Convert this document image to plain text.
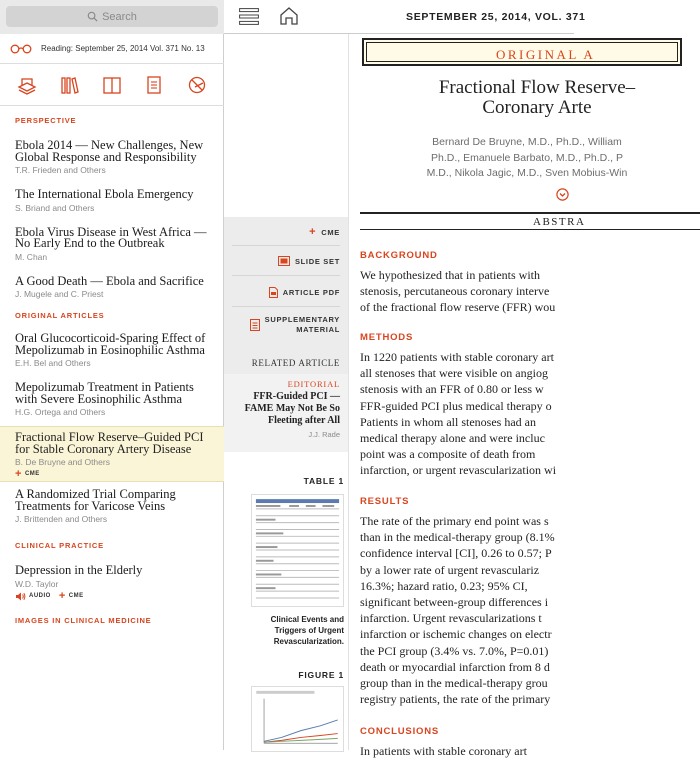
Search
Reading: September 25, 2014 Vol. 371 No. 13
PERSPECTIVE
Ebola 2014 — New Challenges, New Global Response and Responsibility
T.R. Frieden and Others
The International Ebola Emergency
S. Briand and Others
Ebola Virus Disease in West Africa — No Early End to the Outbreak
M. Chan
A Good Death — Ebola and Sacrifice
J. Mugele and C. Priest
ORIGINAL ARTICLES
Oral Glucocorticoid-Sparing Effect of Mepolizumab in Eosinophilic Asthma
E.H. Bel and Others
Mepolizumab Treatment in Patients with Severe Eosinophilic Asthma
H.G. Ortega and Others
Fractional Flow Reserve–Guided PCI for Stable Coronary Artery Disease
B. De Bruyne and Others
+ CME
A Randomized Trial Comparing Treatments for Varicose Veins
J. Brittenden and Others
CLINICAL PRACTICE
Depression in the Elderly
W.D. Taylor
AUDIO + CME
IMAGES IN CLINICAL MEDICINE
SEPTEMBER 25, 2014, VOL. 371
+ CME
SLIDE SET
ARTICLE PDF
SUPPLEMENTARY
MATERIAL
RELATED ARTICLE
EDITORIAL
FFR-Guided PCI —
FAME May Not Be So
Fleeting after All
J.J. Rade
TABLE 1
Clinical Events and
Triggers of Urgent
Revascularization.
FIGURE 1
ORIGINAL A
Fractional Flow Reserve–
Coronary Arte
Bernard De Bruyne, M.D., Ph.D., William
Ph.D., Emanuele Barbato, M.D., Ph.D., P
M.D., Nikola Jagic, M.D., Sven Mobius-Win
ABSTRA
BACKGROUND
We hypothesized that in patients with
stenosis, percutaneous coronary interve
of the fractional flow reserve (FFR) wou
METHODS
In 1220 patients with stable coronary art
all stenoses that were visible on angiog
stenosis with an FFR of 0.80 or less w
FFR-guided PCI plus medical therapy o
Patients in whom all stenoses had an
medical therapy alone and were incluc
point was a composite of death from
infarction, or urgent revascularization wi
RESULTS
The rate of the primary end point was s
than in the medical-therapy group (8.1%
confidence interval [CI], 0.26 to 0.57; P
by a lower rate of urgent revasculariz
16.3%; hazard ratio, 0.23; 95% CI,
significant between-group differences i
infarction. Urgent revascularizations t
infarction or ischemic changes on electr
the PCI group (3.4% vs. 7.0%, P=0.01)
death or myocardial infarction from 8 d
group than in the medical-therapy grou
registry patients, the rate of the primary
CONCLUSIONS
In patients with stable coronary art
